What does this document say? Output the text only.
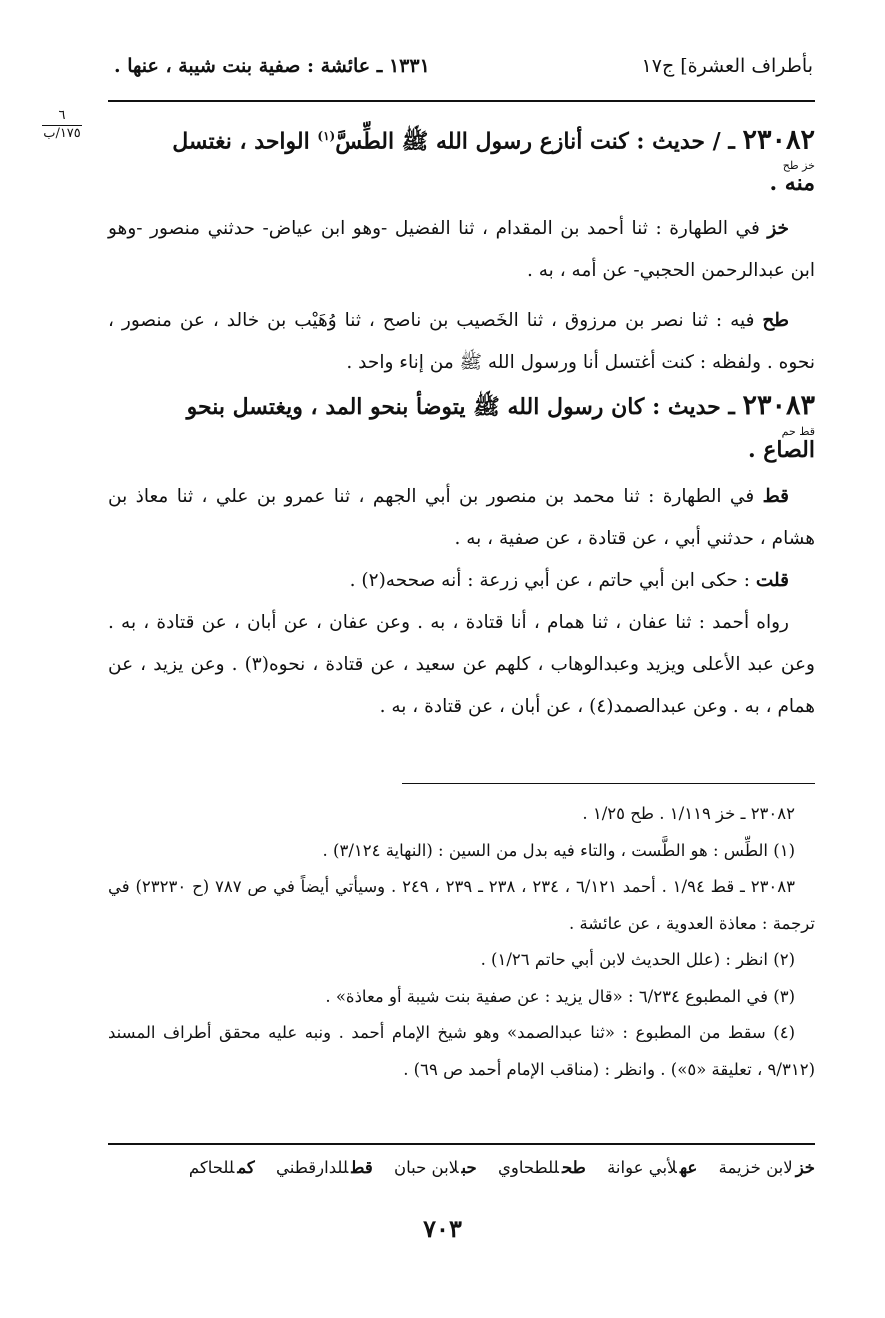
بأطراف العشرة] ج١٧
١٣٣١ ـ عائشة : صفية بنت شيبة ، عنها .
٦
١٧٥/ب	٢٣٠٨٢ ـ / حديث : كنت أنازع رسول الله ﷺ الطِّسَّ$^{(١)}$ الواحد ، نغتسل
خز طح
منه .
خز في الطهارة : ثنا أحمد بن المقدام ، ثنا الفضيل -وهو ابن عياض- حدثني منصور -وهو ابن عبدالرحمن الحجبي- عن أمه ، به .
طح فيه : ثنا نصر بن مرزوق ، ثنا الخَصيب بن ناصح ، ثنا وُهَيْب بن خالد ، عن منصور ، نحوه . ولفظه : كنت أغتسل أنا ورسول الله ﷺ من إناء واحد .
٢٣٠٨٣ ـ حديث : كان رسول الله ﷺ يتوضأ بنحو المد ، ويغتسل بنحو
قط حم
الصاع .
قط في الطهارة : ثنا محمد بن منصور بن أبي الجهم ، ثنا عمرو بن علي ، ثنا معاذ بن هشام ، حدثني أبي ، عن قتادة ، عن صفية ، به .
قلت : حكى ابن أبي حاتم ، عن أبي زرعة : أنه صححه(٢) .
رواه أحمد : ثنا عفان ، ثنا همام ، أنا قتادة ، به . وعن عفان ، عن أبان ، عن قتادة ، به . وعن عبد الأعلى ويزيد وعبدالوهاب ، كلهم عن سعيد ، عن قتادة ، نحوه(٣) . وعن يزيد ، عن همام ، به . وعن عبدالصمد(٤) ، عن أبان ، عن قتادة ، به .
٢٣٠٨٢ ـ خز ١/١١٩ . طح ١/٢٥ .
(١) الطِّس : هو الطَّست ، والتاء فيه بدل من السين : (النهاية ٣/١٢٤) .
٢٣٠٨٣ ـ قط ١/٩٤ . أحمد ٦/١٢١ ، ٢٣٤ ، ٢٣٨ ـ ٢٣٩ ، ٢٤٩ . وسيأتي أيضاً في ص ٧٨٧ (ح ٢٣٢٣٠) في ترجمة : معاذة العدوية ، عن عائشة .
(٢) انظر : (علل الحديث لابن أبي حاتم ١/٢٦) .
(٣) في المطبوع ٦/٢٣٤ : «قال يزيد : عن صفية بنت شيبة أو معاذة» .
(٤) سقط من المطبوع : «ثنا عبدالصمد» وهو شيخ الإمام أحمد . ونبه عليه محقق أطراف المسند (٩/٣١٢ ، تعليقة «٥») . وانظر : (مناقب الإمام أحمد ص ٦٩) .
خزلابن خزيمة عهلأبي عوانة طحللطحاوي حبلابن حبان قطللدارقطني كمللحاكم
٧٠٣
